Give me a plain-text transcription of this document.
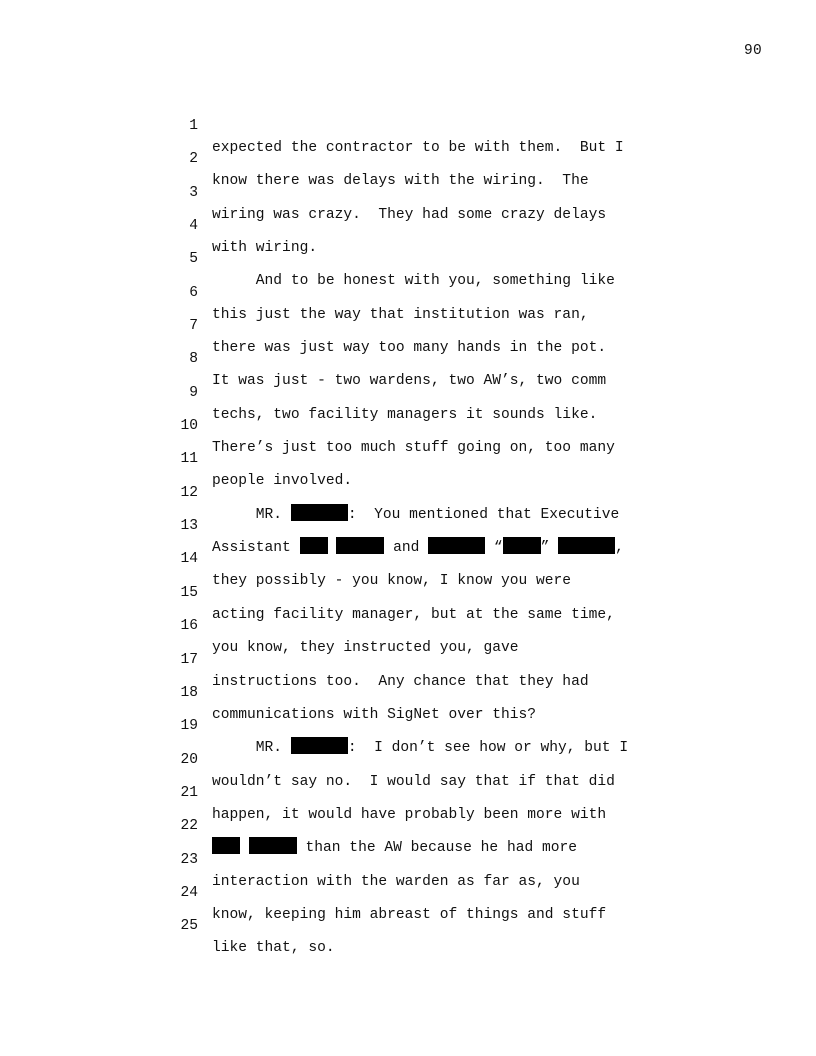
90

1

expected the contractor to be with them.  But I

2

know there was delays with the wiring.  The

3

wiring was crazy.  They had some crazy delays

4

with wiring.

5

And to be honest with you, something like

6

this just the way that institution was ran,

7

there was just way too many hands in the pot.

8

It was just - two wardens, two AW’s, two comm

9

techs, two facility managers it sounds like.

10

There’s just too much stuff going on, too many

11

people involved.

12

MR.	:  You mentioned that Executive

13

Assistant	and	“	”	,

14

they possibly - you know, I know you were

15

acting facility manager, but at the same time,

16

you know, they instructed you, gave

17

instructions too.  Any chance that they had

18

communications with SigNet over this?

19

MR.	:  I don’t see how or why, but I

20

wouldn’t say no.  I would say that if that did

21

happen, it would have probably been more with

22

than the AW because he had more

23

interaction with the warden as far as, you

24

know, keeping him abreast of things and stuff

25

like that, so.
